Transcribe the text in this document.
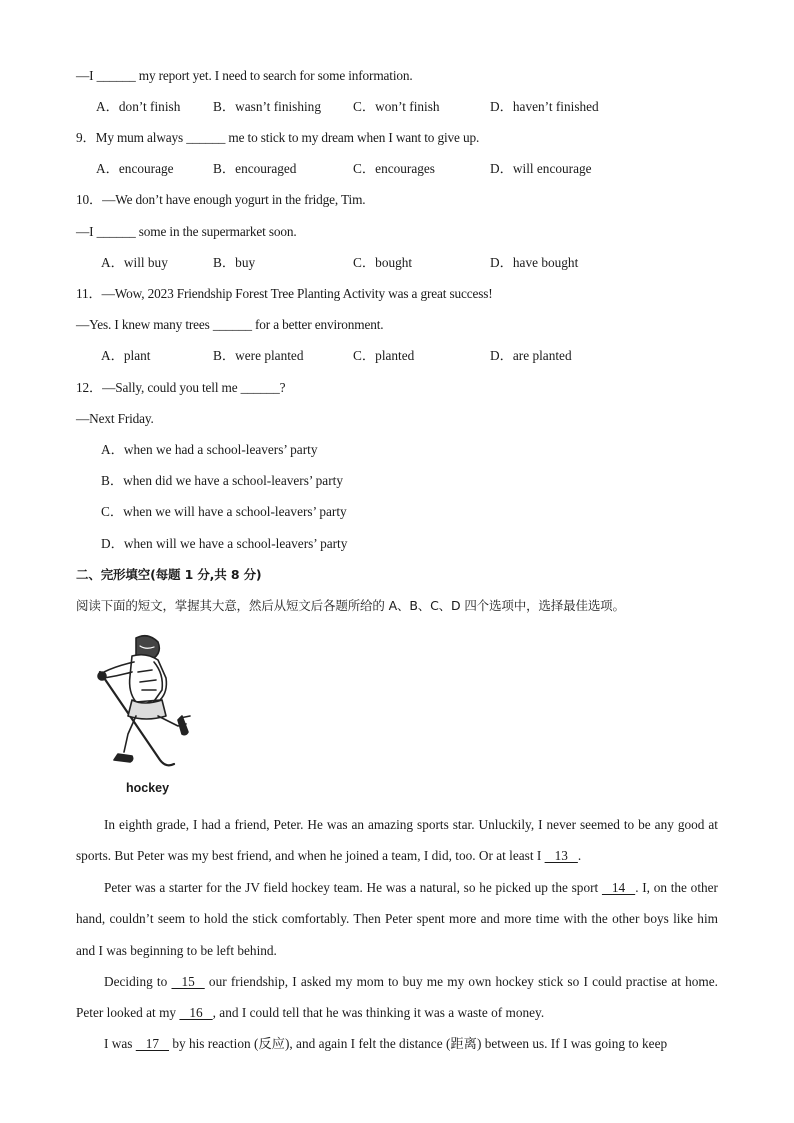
—I ______ my report yet. I need to search for some information.
A．don’t finish B．wasn’t finishing C．won’t finish	D．haven’t finished
9．My mum always ______ me to stick to my dream when I want to give up.
A．encourage	B．encouraged	C．encourages	D．will encourage
10．—We don’t have enough yogurt in the fridge, Tim.
—I ______ some in the supermarket soon.
A．will buy	B．buy	C．bought	D．have bought
11．—Wow, 2023 Friendship Forest Tree Planting Activity was a great success!
—Yes. I knew many trees ______ for a better environment.
A．plant	B．were planted	C．planted	D．are planted
12．—Sally, could you tell me ______?
—Next Friday.
A．when we had a school-leavers’ party
B．when did we have a school-leavers’ party
C．when we will have a school-leavers’ party
D．when will we have a school-leavers’ party
二、完形填空(每题 1 分,共 8 分)
阅读下面的短文，掌握其大意，然后从短文后各题所给的 A、B、C、D 四个选项中，选择最佳选项。
hockey
In eighth grade, I had a friend, Peter. He was an amazing sports star. Unluckily, I never seemed to be any good at sports. But Peter was my best friend, and when he joined a team, I did, too. Or at least I    13   .
Peter was a starter for the JV field hockey team. He was a natural, so he picked up the sport    14   . I, on the other hand, couldn’t seem to hold the stick comfortably. Then Peter spent more and more time with the other boys like him and I was beginning to be left behind.
Deciding to    15    our friendship, I asked my mom to buy me my own hockey stick so I could practise at home. Peter looked at my    16   , and I could tell that he was thinking it was a waste of money.
I was    17    by his reaction (反应), and again I felt the distance (距离) between us. If I was going to keep
